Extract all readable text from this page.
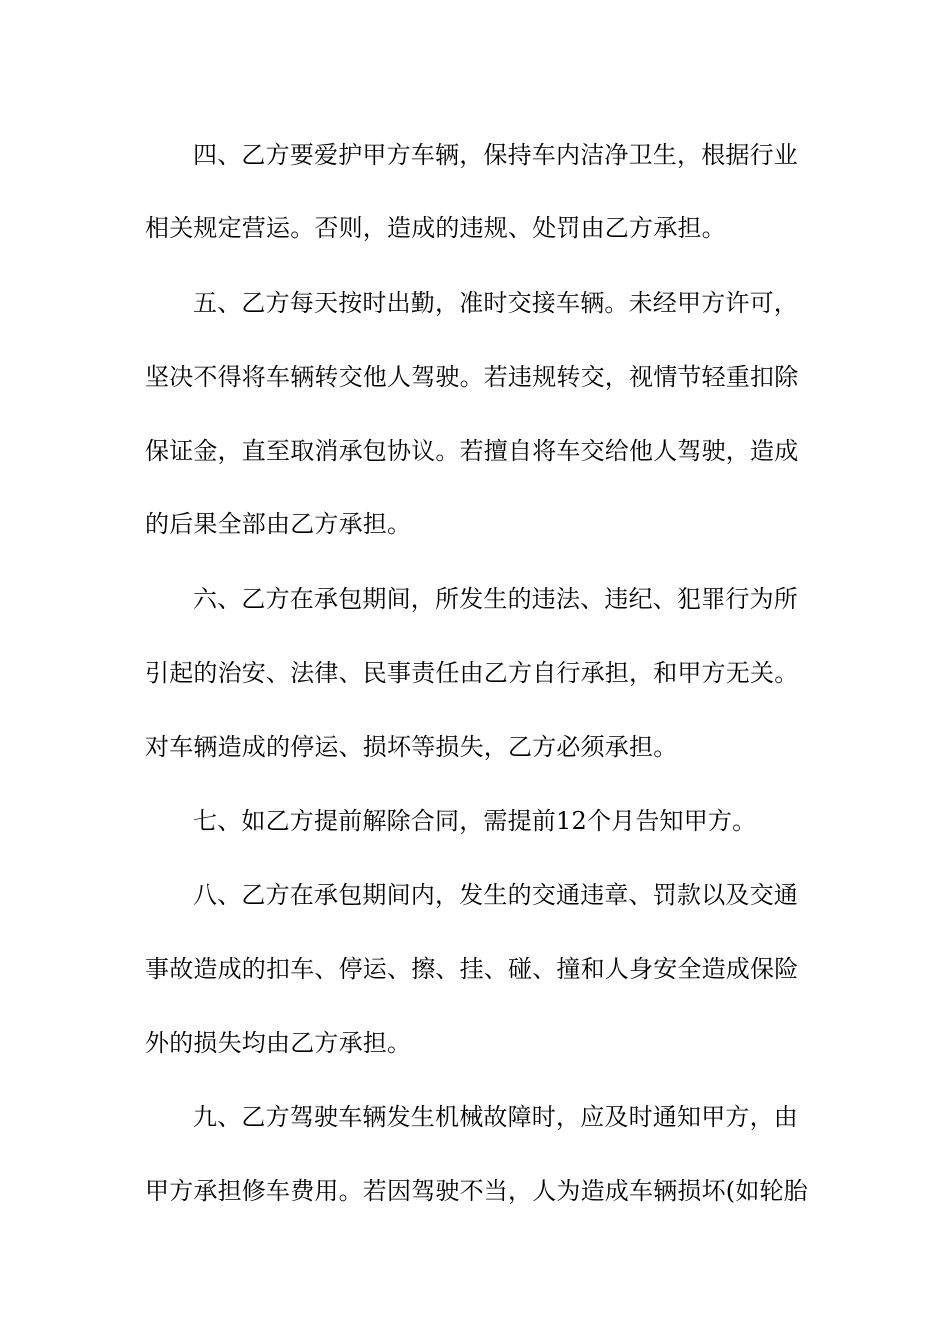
四、乙方要爱护甲方车辆，保持车内洁净卫生，根据行业
相关规定营运。否则，造成的违规、处罚由乙方承担。
五、乙方每天按时出勤，准时交接车辆。未经甲方许可，
坚决不得将车辆转交他人驾驶。若违规转交，视情节轻重扣除
保证金，直至取消承包协议。若擅自将车交给他人驾驶，造成
的后果全部由乙方承担。
六、乙方在承包期间，所发生的违法、违纪、犯罪行为所
引起的治安、法律、民事责任由乙方自行承担，和甲方无关。
对车辆造成的停运、损坏等损失，乙方必须承担。
七、如乙方提前解除合同，需提前12个月告知甲方。
八、乙方在承包期间内，发生的交通违章、罚款以及交通
事故造成的扣车、停运、擦、挂、碰、撞和人身安全造成保险
外的损失均由乙方承担。
九、乙方驾驶车辆发生机械故障时，应及时通知甲方，由
甲方承担修车费用。若因驾驶不当，人为造成车辆损坏(如轮胎
